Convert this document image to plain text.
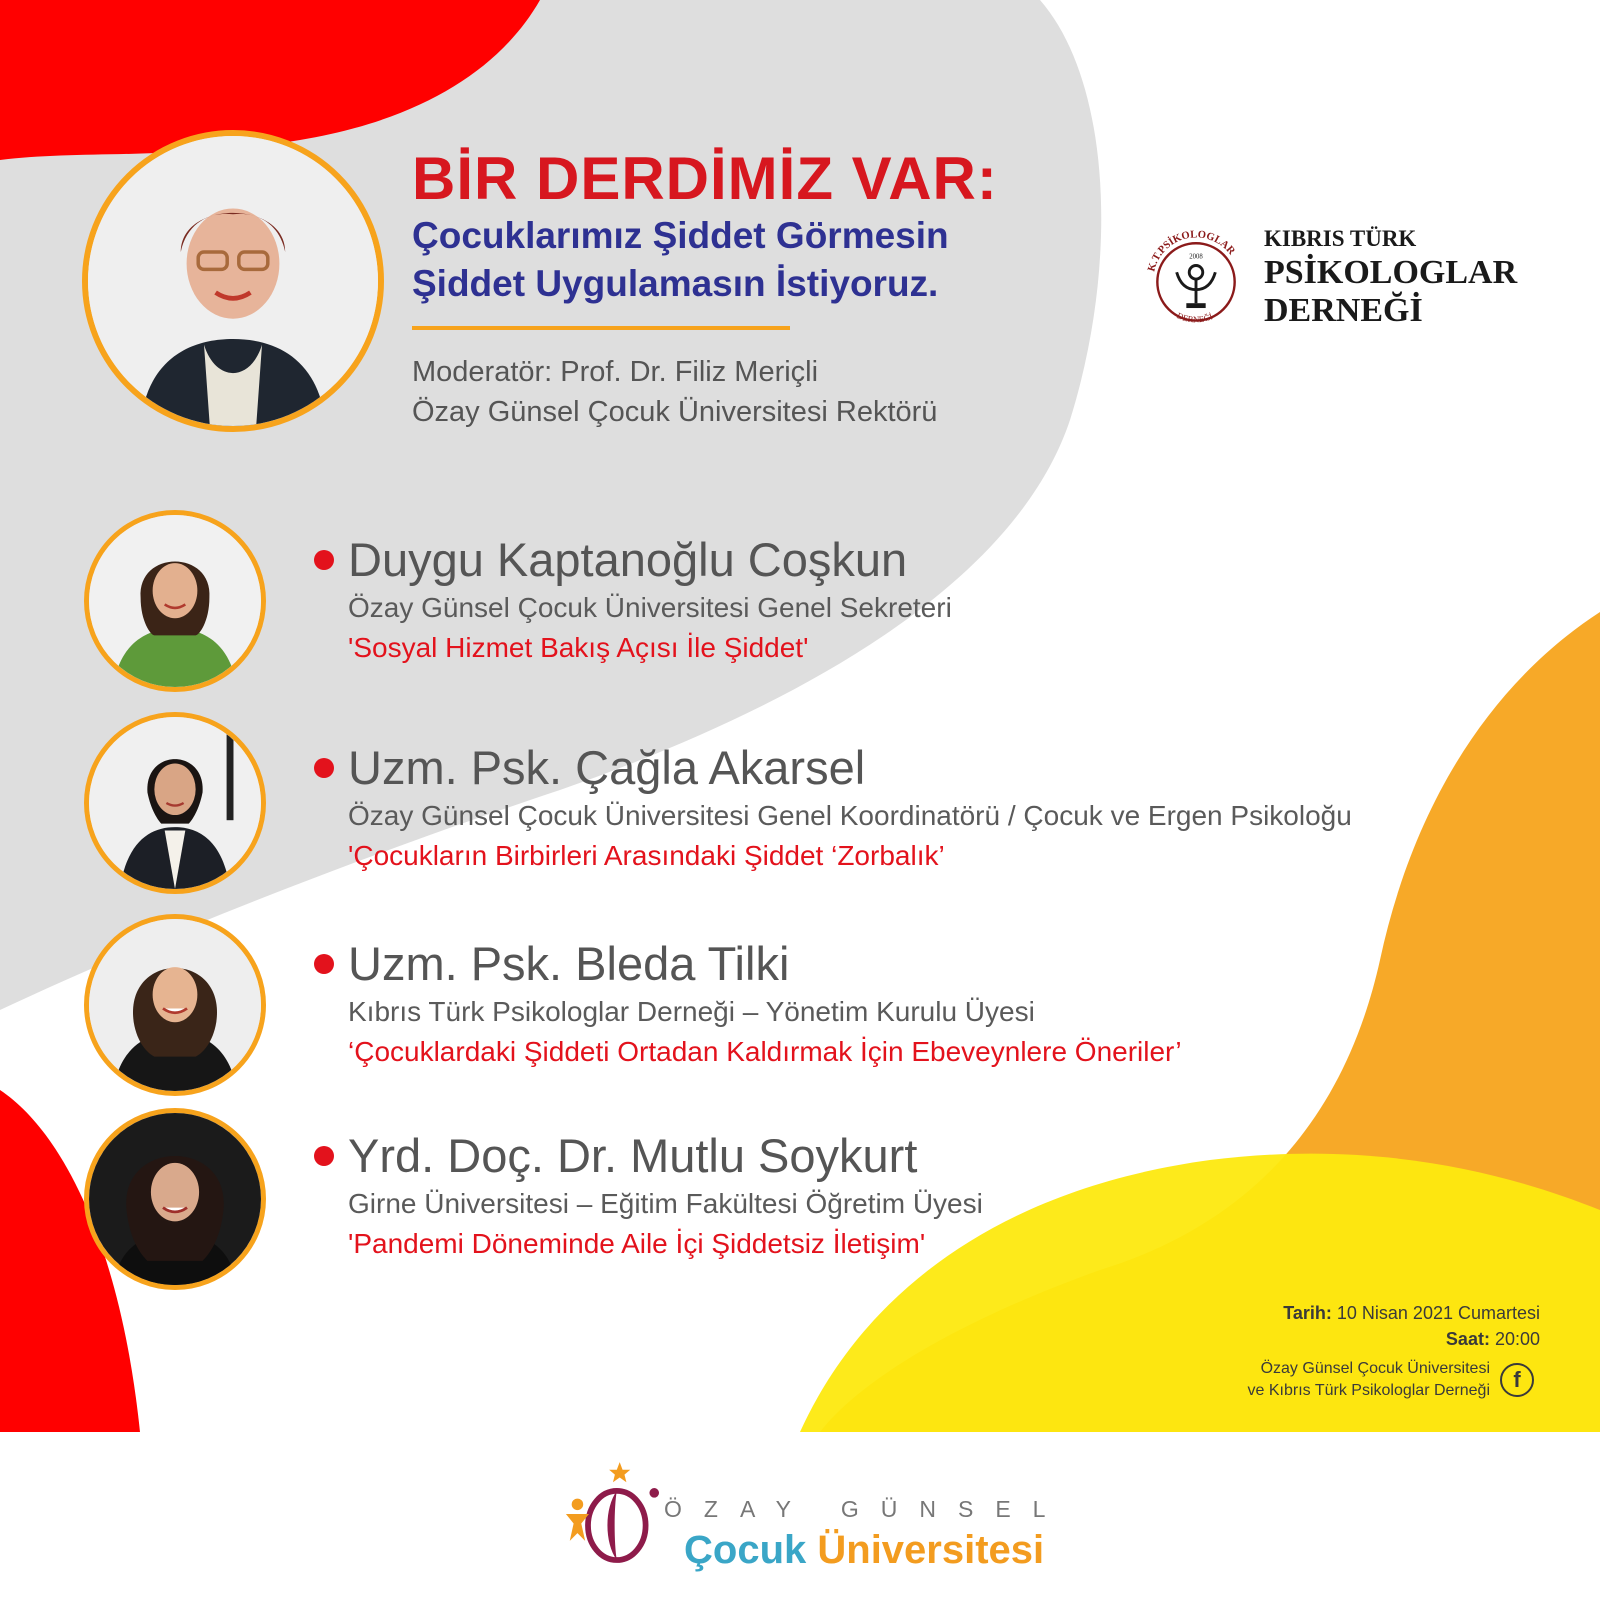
BİR DERDİMİZ VAR:
Çocuklarımız Şiddet Görmesin
Şiddet Uygulamasın İstiyoruz.
Moderatör: Prof. Dr. Filiz Meriçli
Özay Günsel Çocuk Üniversitesi Rektörü
K.T.PSİKOLOGLAR
DERNEĞİ
2008
KIBRIS TÜRK
PSİKOLOGLAR
DERNEĞİ
Duygu Kaptanoğlu Coşkun
Özay Günsel Çocuk Üniversitesi Genel Sekreteri
'Sosyal Hizmet Bakış Açısı İle Şiddet'
Uzm. Psk. Çağla Akarsel
Özay Günsel Çocuk Üniversitesi Genel Koordinatörü / Çocuk ve Ergen Psikoloğu
'Çocukların Birbirleri Arasındaki Şiddet ‘Zorbalık’
Uzm. Psk. Bleda Tilki
Kıbrıs Türk Psikologlar Derneği – Yönetim Kurulu Üyesi
‘Çocuklardaki Şiddeti Ortadan Kaldırmak İçin Ebeveynlere Öneriler’
Yrd. Doç. Dr. Mutlu Soykurt
Girne Üniversitesi – Eğitim Fakültesi Öğretim Üyesi
'Pandemi Döneminde Aile İçi Şiddetsiz İletişim'
Tarih: 10 Nisan 2021 Cumartesi
Saat: 20:00
Özay Günsel Çocuk Üniversitesi
ve Kıbrıs Türk Psikologlar Derneği	f
ÖZAY GÜNSEL
Çocuk Üniversitesi
